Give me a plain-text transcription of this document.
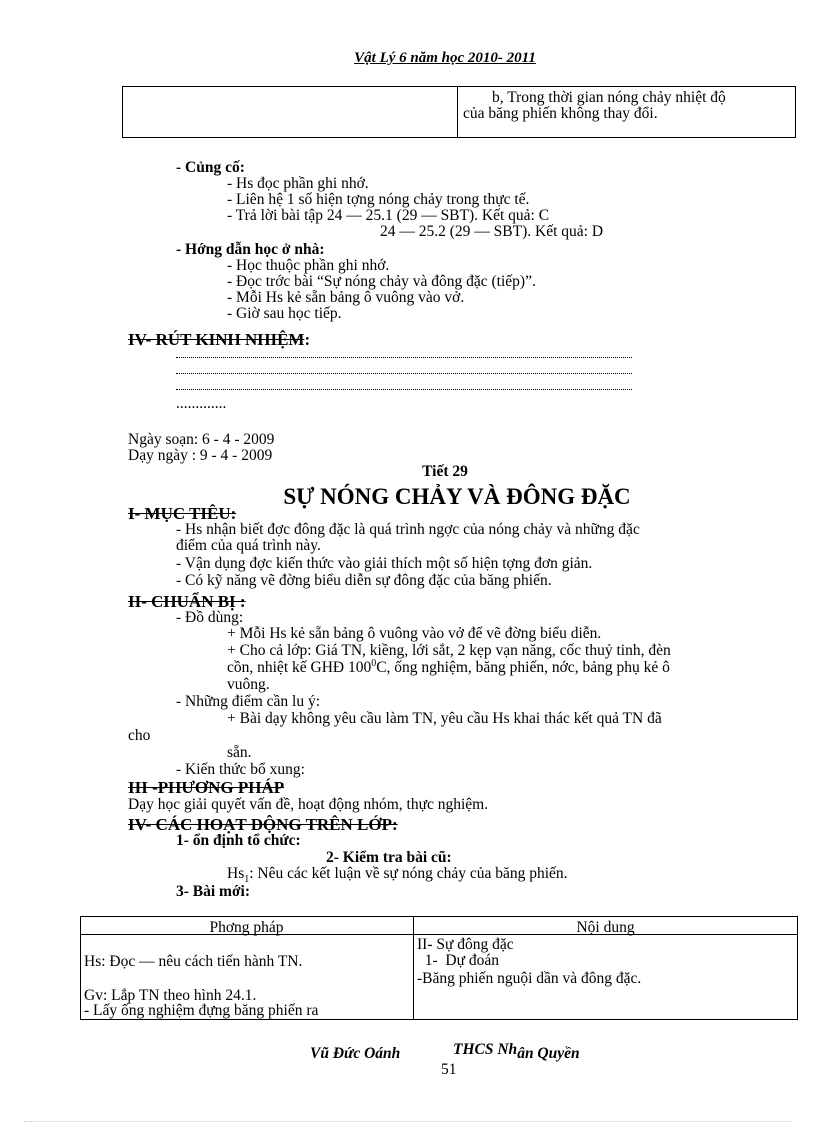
Vật Lý 6 năm học 2010- 2011
b, Trong thời gian nóng chảy nhiệt độ
của băng phiến không thay đổi.
- Củng cố:
- Hs đọc phần ghi nhớ.
- Liên hệ 1 số hiện tợng nóng chảy trong thực tế.
- Trả lời bài tập 24 — 25.1 (29 — SBT). Kết quả: C
24 — 25.2 (29 — SBT). Kết quả: D
- Hớng dẫn học ở nhà:
- Học thuộc phần ghi nhớ.
- Đọc trớc bài “Sự nóng chảy và đông đặc (tiếp)”.
- Mỗi Hs kẻ sẵn bảng ô vuông vào vở.
- Giờ sau học tiếp.
IV- RÚT KINH NHIỆM:
.............
Ngày soạn: 6 - 4 - 2009
Dạy ngày : 9 - 4 - 2009
Tiết 29
SỰ NÓNG CHẢY VÀ ĐÔNG ĐẶC
I- MỤC TIÊU:
- Hs nhận biết đợc đông đặc là quá trình ngợc của nóng chảy và những đặc
điểm của quá trình này.
- Vận dụng đợc kiến thức vào giải thích một số hiện tợng đơn giản.
- Có kỹ năng vẽ đờng biểu diễn sự đông đặc của băng phiến.
II- CHUẨN BỊ :
- Đồ dùng:
+ Mỗi Hs kẻ sẵn bảng ô vuông vào vở để vẽ đờng biểu diễn.
+ Cho cả lớp: Giá TN, kiềng, lới sắt, 2 kẹp vạn năng, cốc thuỷ tinh, đèn
cồn, nhiệt kế GHĐ $100^0C$, ống nghiệm, băng phiến, nớc, bảng phụ kẻ ô
vuông.
- Những điểm cần lu ý:
+ Bài dạy không yêu cầu làm TN, yêu cầu Hs khai thác kết quả TN đã
cho
sẵn.
- Kiến thức bổ xung:
III -PHƯƠNG PHÁP
Dạy học giải quyết vấn đề, hoạt động nhóm, thực nghiệm.
IV- CÁC HOẠT ĐỘNG TRÊN LỚP:
1- ổn định tổ chức:
2- Kiểm tra bài cũ:
$Hs_1$: Nêu các kết luận về sự nóng chảy của băng phiến.
3- Bài mới:
Phơng pháp	Nội dung
Hs: Đọc — nêu cách tiến hành TN.
Gv: Lắp TN theo hình 24.1.
- Lấy ống nghiệm đựng băng phiến ra
II- Sự đông đặc
1-  Dự đoán
-Băng phiến nguội dần và đông đặc.
Vũ Đức Oánh	THCS Nhân Quyền
51
